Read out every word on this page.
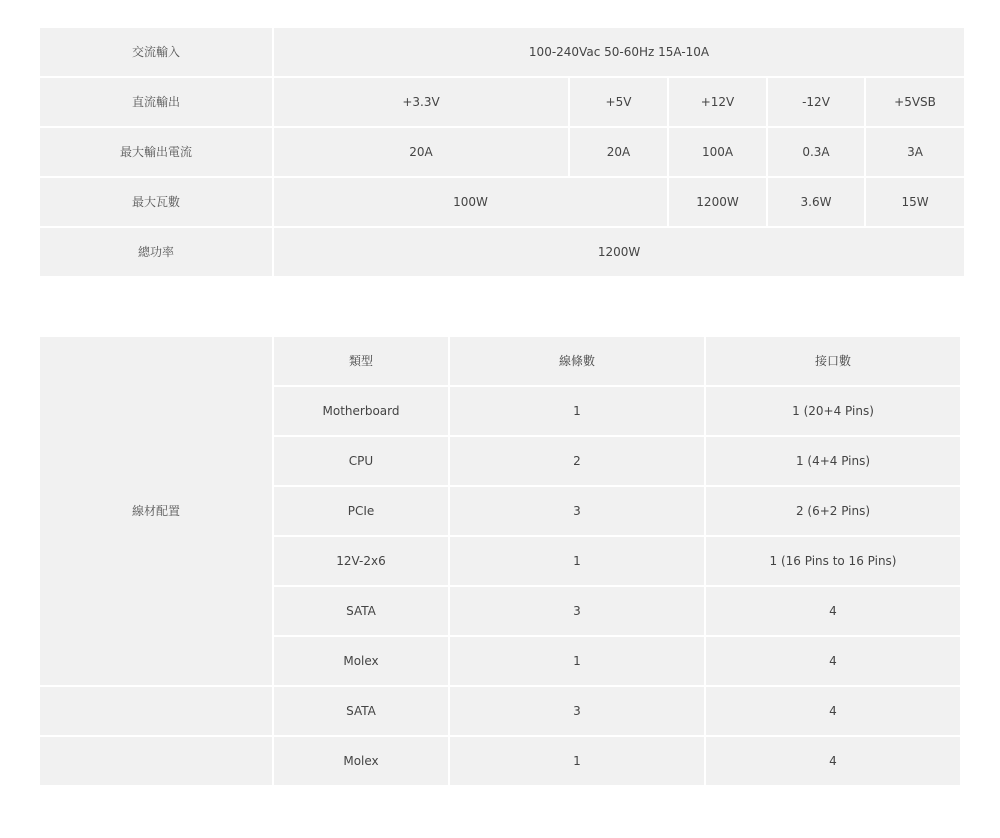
交流輸入	100-240Vac 50-60Hz 15A-10A				
直流輸出	+3.3V	+5V	+12V	-12V	+5VSB
最大輸出電流	20A	20A	100A	0.3A	3A
最大瓦數	100W		1200W	3.6W	15W
總功率	1200W				
線材配置	類型	線條數	接口數
	Motherboard	1	1 (20+4 Pins)
	CPU	2	1 (4+4 Pins)
	PCIe	3	2 (6+2 Pins)
	12V-2x6	1	1 (16 Pins to 16 Pins)
	SATA	3	4
	Molex	1	4
	SATA	3	4
	Molex	1	4
